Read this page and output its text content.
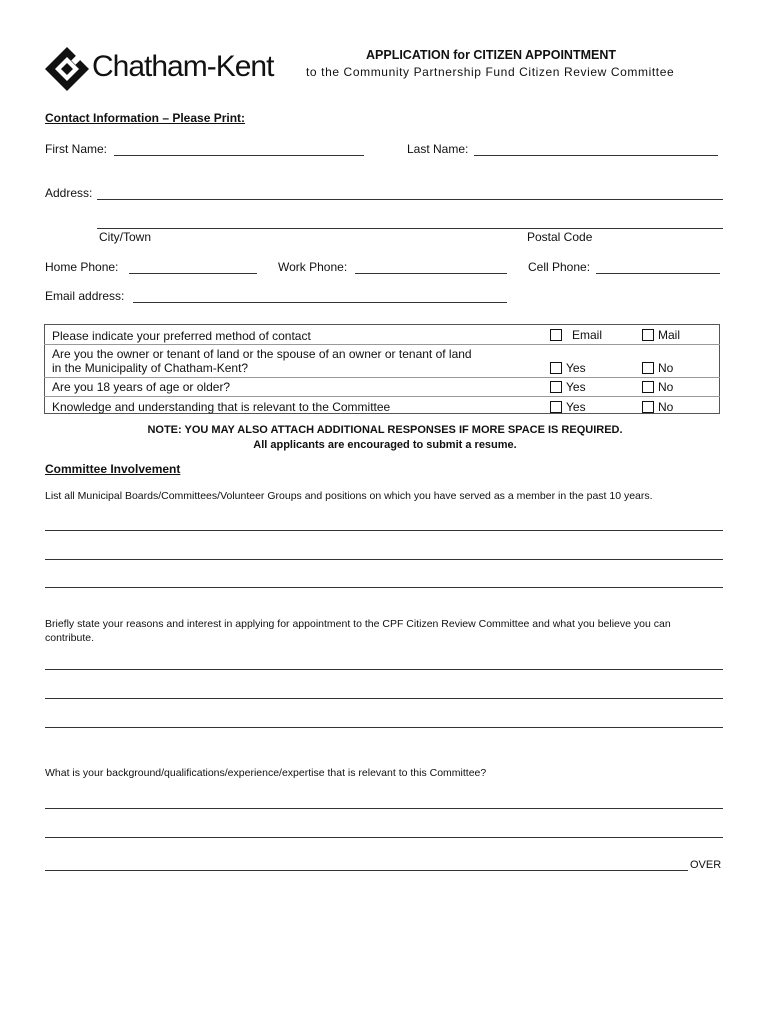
Chatham-Kent	APPLICATION for CITIZEN APPOINTMENT
to the Community Partnership Fund Citizen Review Committee
Contact Information – Please Print:
First Name:	Last Name:
Address:
City/Town	Postal Code
Home Phone:	Work Phone:	Cell Phone:
Email address:
Please indicate your preferred method of contact	Email	Mail
Are you the owner or tenant of land or the spouse of an owner or tenant of land
in the Municipality of Chatham-Kent?	Yes	No
Are you 18 years of age or older?	Yes	No
Knowledge and understanding that is relevant to the Committee	Yes	No
NOTE: YOU MAY ALSO ATTACH ADDITIONAL RESPONSES IF MORE SPACE IS REQUIRED.
All applicants are encouraged to submit a resume.
Committee Involvement
List all Municipal Boards/Committees/Volunteer Groups and positions on which you have served as a member in the past 10 years.
Briefly state your reasons and interest in applying for appointment to the CPF Citizen Review Committee and what you believe you can
contribute.
What is your background/qualifications/experience/expertise that is relevant to this Committee?
OVER
